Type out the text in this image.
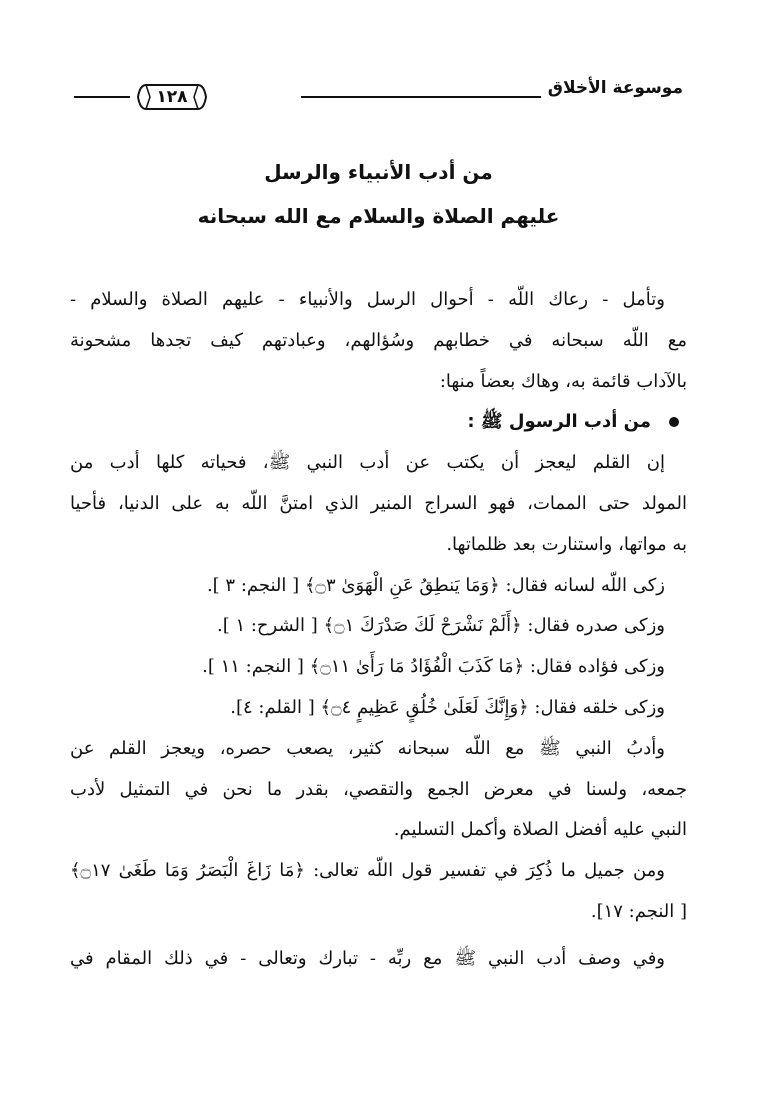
موسوعة الأخلاق
١٢٨
من أدب الأنبياء والرسل
عليهم الصلاة والسلام مع الله سبحانه
وتأمل - رعاك اللّه - أحوال الرسل والأنبياء - عليهم الصلاة والسلام -
مع اللّه سبحانه في خطابهم وسُؤالهم، وعبادتهم كيف تجدها مشحونة
بالآداب قائمة به، وهاك بعضاً منها:
من أدب الرسول ﷺ :
إن القلم ليعجز أن يكتب عن أدب النبي ﷺ، فحياته كلها أدب من
المولد حتى الممات، فهو السراج المنير الذي امتنَّ اللّه به على الدنيا، فأحيا
به مواتها، واستنارت بعد ظلماتها.
زكى اللّه لسانه فقال: ﴿وَمَا يَنطِقُ عَنِ الْهَوَىٰ ۝٣﴾ [ النجم: ٣ ].
وزكى صدره فقال: ﴿أَلَمْ نَشْرَحْ لَكَ صَدْرَكَ ۝١﴾ [ الشرح: ١ ].
وزكى فؤاده فقال: ﴿مَا كَذَبَ الْفُؤَادُ مَا رَأَىٰ ۝١١﴾ [ النجم: ١١ ].
وزكى خلقه فقال: ﴿وَإِنَّكَ لَعَلَىٰ خُلُقٍ عَظِيمٍ ۝٤﴾ [ القلم: ٤].
وأدبُ النبي ﷺ مع اللّه سبحانه كثير، يصعب حصره، ويعجز القلم عن
جمعه، ولسنا في معرض الجمع والتقصي، بقدر ما نحن في التمثيل لأدب
النبي عليه أفضل الصلاة وأكمل التسليم.
ومن جميل ما ذُكِرَ في تفسير قول اللّه تعالى: ﴿مَا زَاغَ الْبَصَرُ وَمَا طَغَىٰ ۝١٧﴾
[ النجم: ١٧].
وفي وصف أدب النبي ﷺ مع ربِّه - تبارك وتعالى - في ذلك المقام في
